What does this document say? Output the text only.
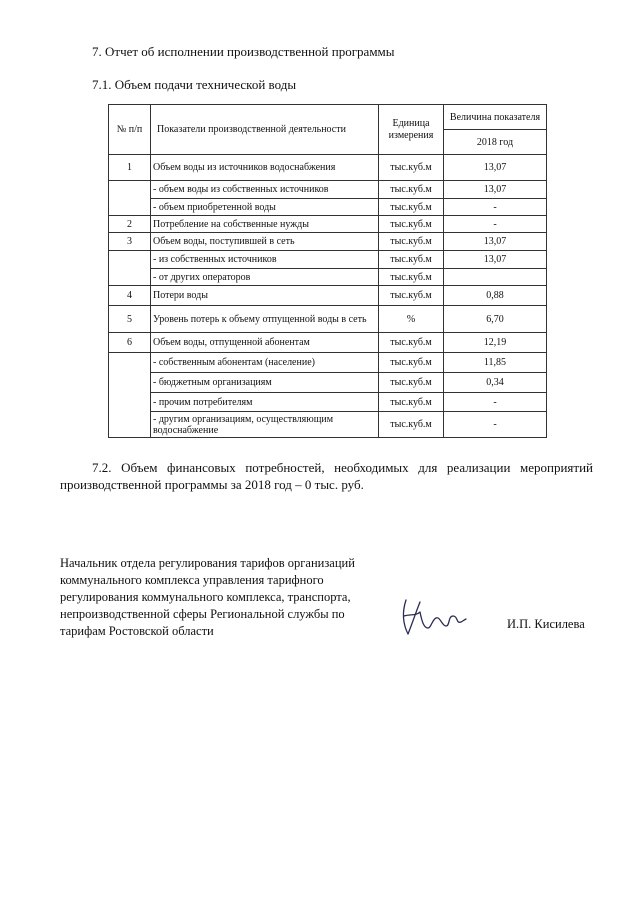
7. Отчет об исполнении производственной программы
7.1. Объем подачи технической воды
№ п/п	Показатели производственной деятельности	Единица измерения	Величина показателя
			2018 год
1	Объем воды из источников водоснабжения	тыс.куб.м	13,07
	- объем воды из собственных источников	тыс.куб.м	13,07
	- объем приобретенной воды	тыс.куб.м	-
2	Потребление на собственные нужды	тыс.куб.м	-
3	Объем воды, поступившей в сеть	тыс.куб.м	13,07
	- из собственных источников	тыс.куб.м	13,07
	- от других операторов	тыс.куб.м	
4	Потери воды	тыс.куб.м	0,88
5	Уровень потерь к объему отпущенной воды в сеть	%	6,70
6	Объем воды, отпущенной абонентам	тыс.куб.м	12,19
	- собственным абонентам (население)	тыс.куб.м	11,85
	- бюджетным организациям	тыс.куб.м	0,34
	- прочим потребителям	тыс.куб.м	-
	- другим организациям, осуществляющим водоснабжение	тыс.куб.м	-
7.2. Объем финансовых потребностей, необходимых для реализации мероприятий производственной программы за 2018 год – 0 тыс. руб.
Начальник отдела регулирования тарифов организаций коммунального комплекса управления тарифного регулирования коммунального комплекса, транспорта, непроизводственной сферы Региональной службы по тарифам Ростовской области	И.П. Кисилева
